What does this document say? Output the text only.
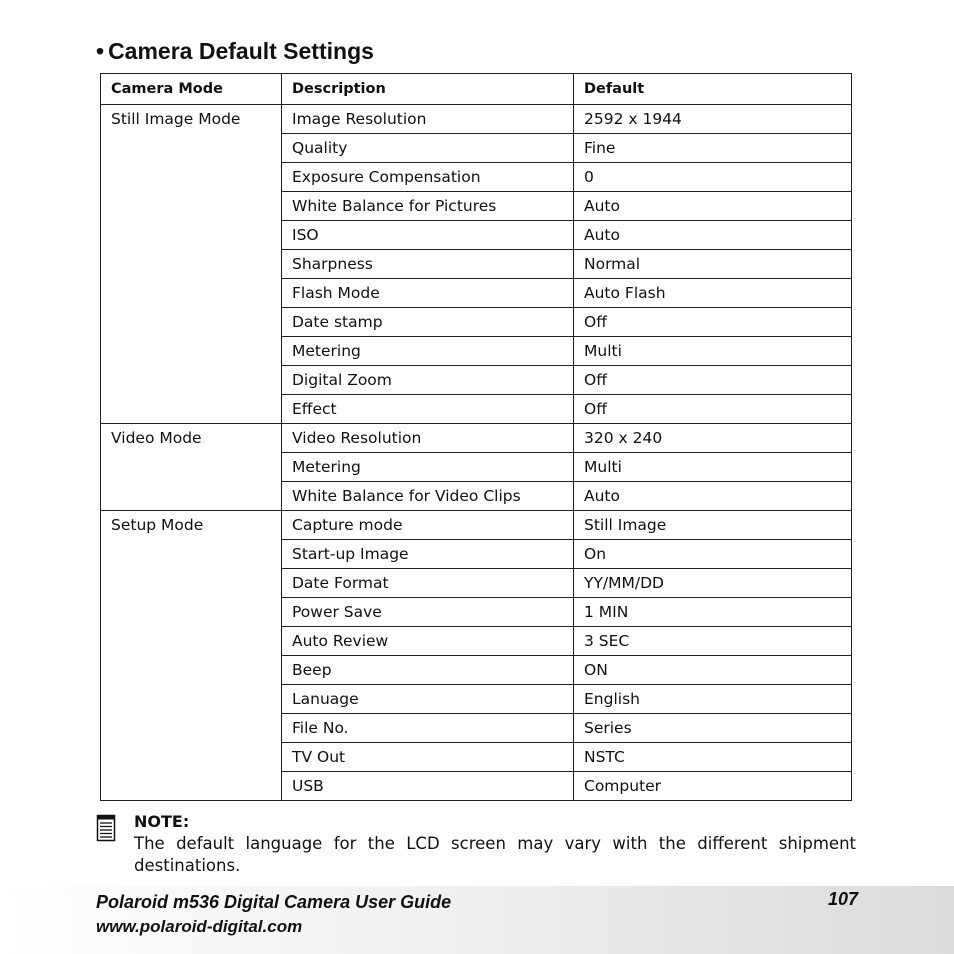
• Camera Default Settings
Camera Mode	Description	Default
Still Image Mode	Image Resolution	2592 x 1944
	Quality	Fine
	Exposure Compensation	0
	White Balance for Pictures	Auto
	ISO	Auto
	Sharpness	Normal
	Flash Mode	Auto Flash
	Date stamp	Off
	Metering	Multi
	Digital Zoom	Off
	Effect	Off
Video Mode	Video Resolution	320 x 240
	Metering	Multi
	White Balance for Video Clips	Auto
Setup Mode	Capture mode	Still Image
	Start-up Image	On
	Date Format	YY/MM/DD
	Power Save	1 MIN
	Auto Review	3 SEC
	Beep	ON
	Lanuage	English
	File No.	Series
	TV Out	NSTC
	USB	Computer
NOTE:
The default language for the LCD screen may vary with the different shipment destinations.
Polaroid m536 Digital Camera User Guide
www.polaroid-digital.com
107
